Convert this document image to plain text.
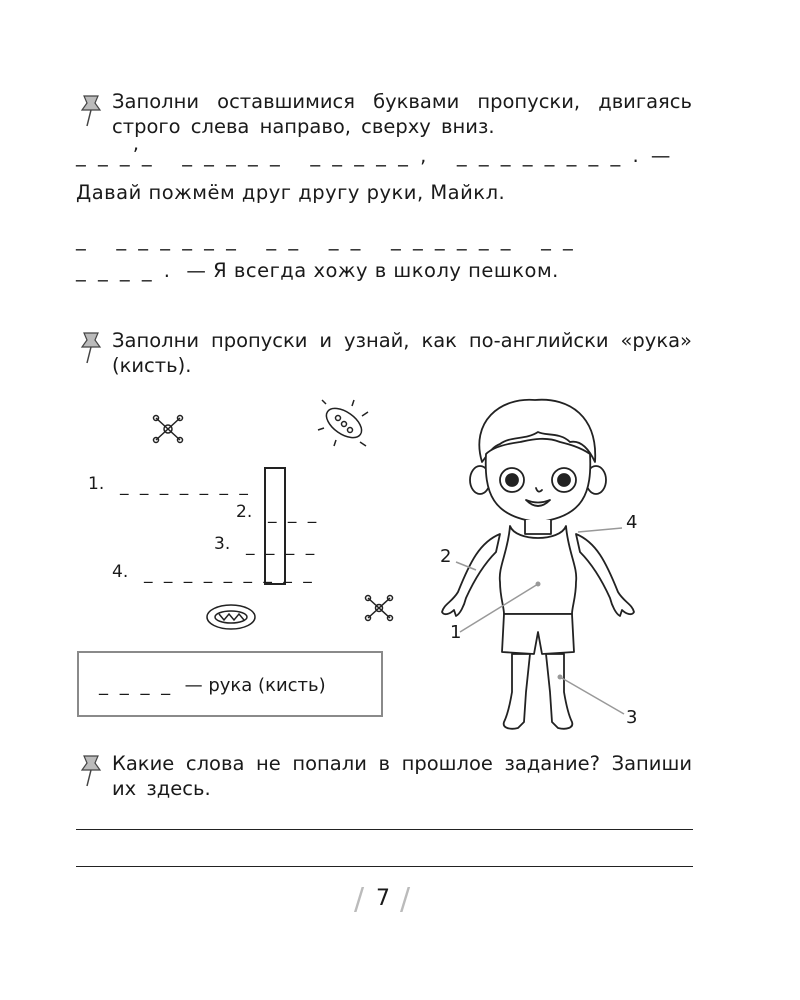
Заполни оставшимися буквами пропуски, двигаясь строго слева направо, сверху вниз.
_ _ _’_   _ _ _ _ _   _ _ _ _ _ ,   _ _ _ _ _ _ _ _ . —
Давай пожмём друг другу руки, Майкл.
_   _ _ _ _ _ _   _ _   _ _   _ _ _ _ _ _   _ _
_ _ _ _ . — Я всегда хожу в школу пешком.
Заполни пропуски и узнай, как по-английски «рука» (кисть).
1. _ _ _ _ _ _ _
2. _ _ _
3. _ _ _ _
4. _ _ _ _ _ _ _ _ _
_ _ _ _ — рука (кисть)
1
2
3
4
Какие слова не попали в прошлое задание? Запиши их здесь.
/ 7 /
